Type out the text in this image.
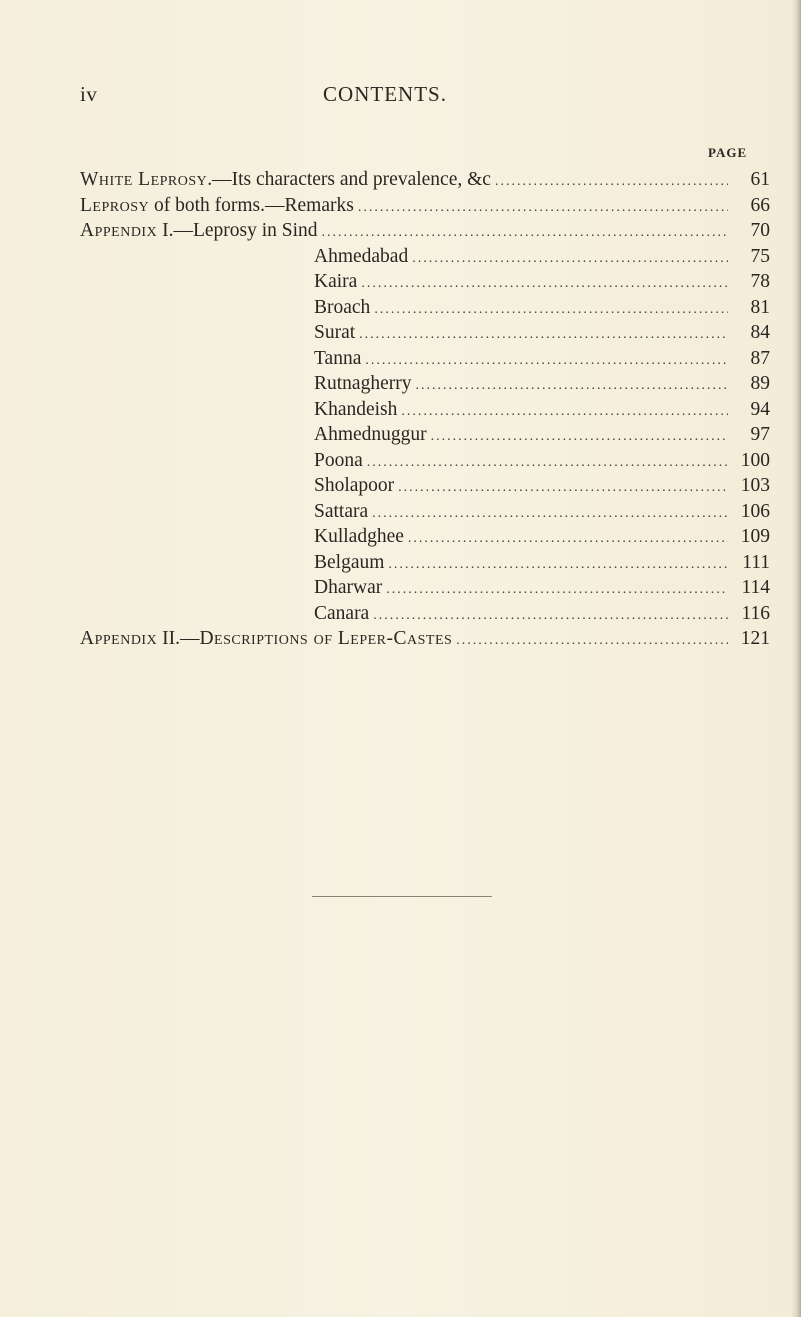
iv	CONTENTS.
PAGE
White Leprosy.—Its characters and prevalence, &c .....	61
Leprosy of both forms.—Remarks .....	66
Appendix I.—Leprosy in Sind .....	70
Ahmedabad .....	75
Kaira .....	78
Broach .....	81
Surat .....	84
Tanna .....	87
Rutnagherry .....	89
Khandeish .....	94
Ahmednuggur .....	97
Poona .....	100
Sholapoor .....	103
Sattara .....	106
Kulladghee .....	109
Belgaum .....	111
Dharwar .....	114
Canara .....	116
Appendix II.—Descriptions of Leper-Castes .....	121
